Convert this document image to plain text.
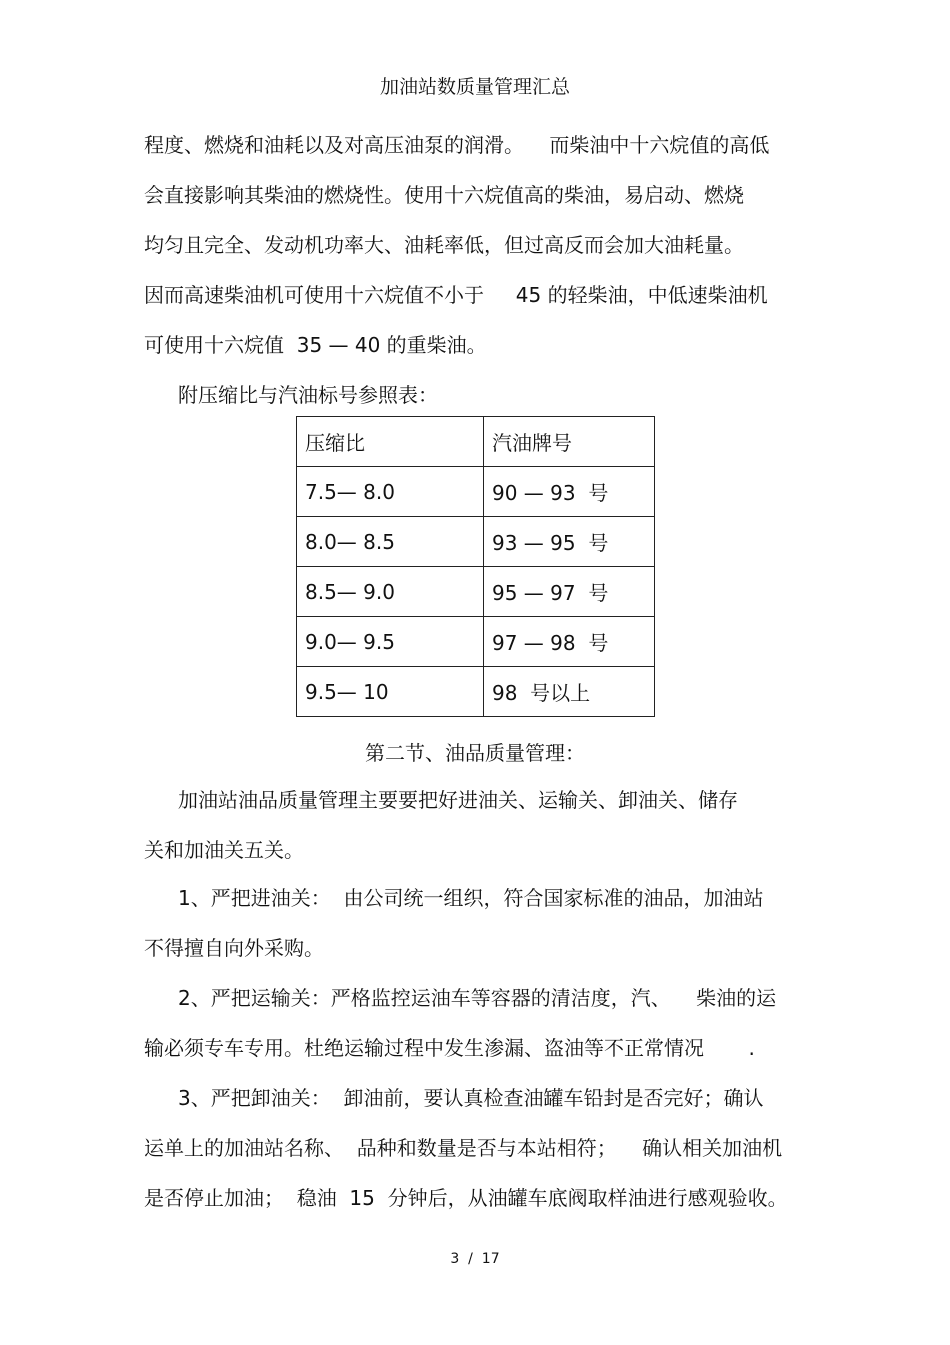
加油站数质量管理汇总
程度、燃烧和油耗以及对高压油泵的润滑。    而柴油中十六烷值的高低
会直接影响其柴油的燃烧性。使用十六烷值高的柴油，易启动、燃烧
均匀且完全、发动机功率大、油耗率低，但过高反而会加大油耗量。
因而高速柴油机可使用十六烷值不小于     45 的轻柴油，中低速柴油机
可使用十六烷值  35 — 40 的重柴油。
附压缩比与汽油标号参照表：
压缩比	汽油牌号
7.5— 8.0	90 — 93  号
8.0— 8.5	93 — 95  号
8.5— 9.0	95 — 97  号
9.0— 9.5	97 — 98  号
9.5— 10	98  号以上
第二节、油品质量管理：
加油站油品质量管理主要要把好进油关、运输关、卸油关、储存
关和加油关五关。
1、严把进油关：  由公司统一组织，符合国家标准的油品，加油站
不得擅自向外采购。
2、严把运输关：严格监控运油车等容器的清洁度，汽、    柴油的运
输必须专车专用。杜绝运输过程中发生渗漏、盗油等不正常情况       .
3、严把卸油关：  卸油前，要认真检查油罐车铅封是否完好；确认
运单上的加油站名称、  品种和数量是否与本站相符；    确认相关加油机
是否停止加油；  稳油  15  分钟后，从油罐车底阀取样油进行感观验收。
3  /  17
